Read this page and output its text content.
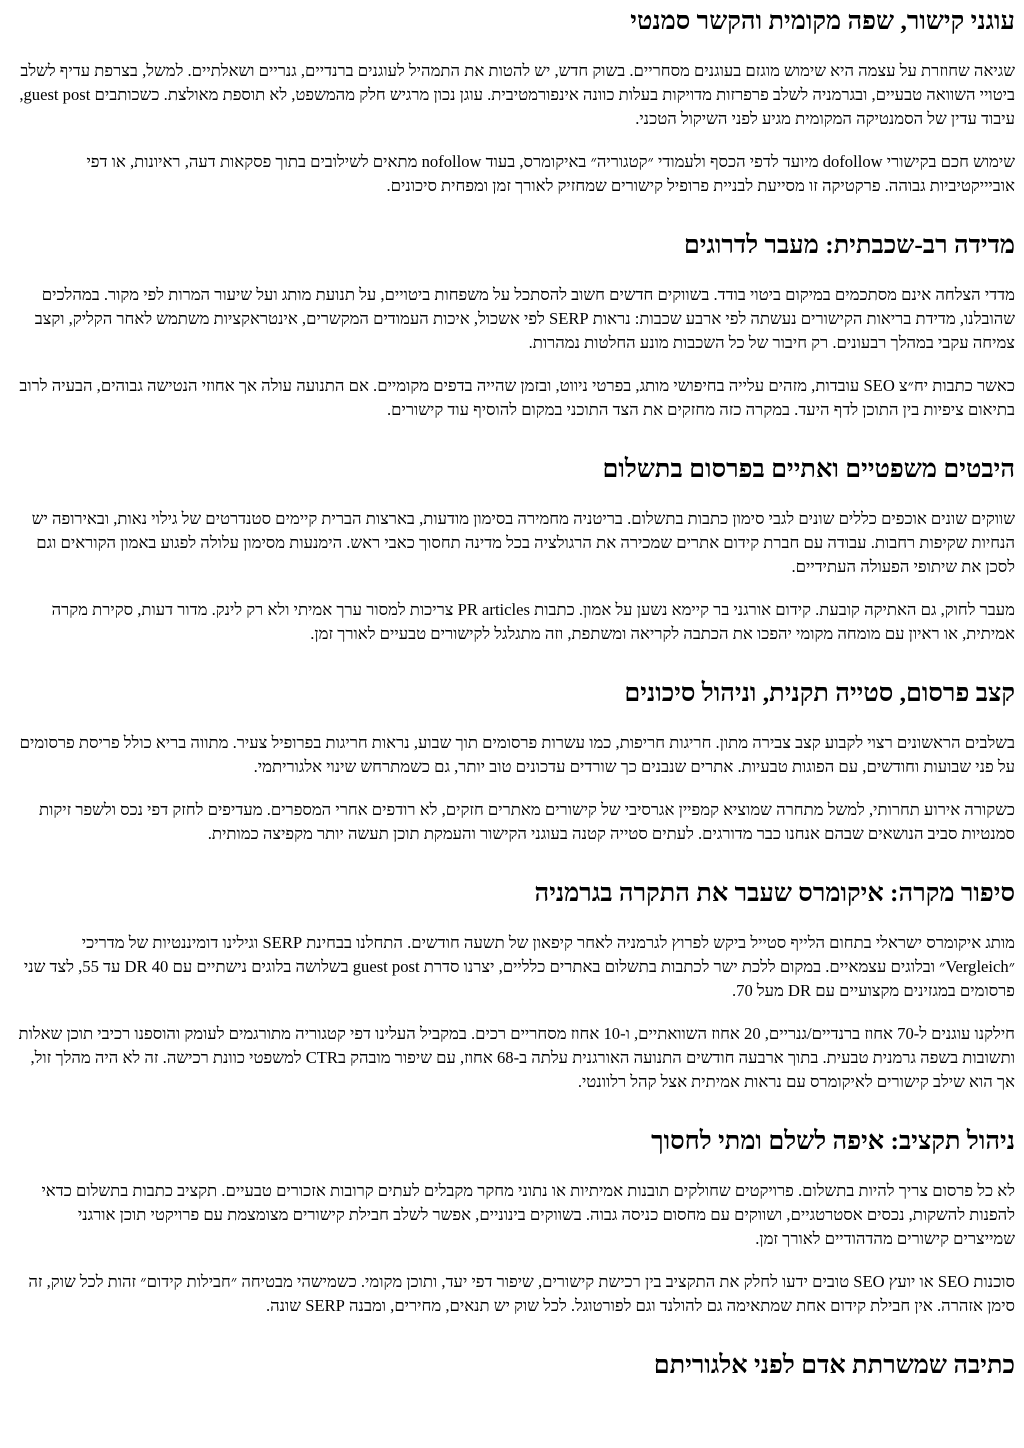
עוגני קישור, שפה מקומית והקשר סמנטי

שגיאה שחוזרת על עצמה היא שימוש מוגזם בעוגנים מסחריים. בשוק חדש, יש להטות את התמהיל לעוגנים ברנדיים, גנריים ושאלתיים. למשל, בצרפת עדיף לשלב ביטויי השוואה טבעיים, ובגרמניה לשלב פרפרזות מדויקות בעלות כוונה אינפורמטיבית. עוגן נכון מרגיש חלק מהמשפט, לא תוספת מאולצת. כשכותבים guest post, עיבוד עדין של הסמנטיקה המקומית מגיע לפני השיקול הטכני.

שימוש חכם בקישורי dofollow מיועד לדפי הכסף ולעמודי ״קטגוריה״ באיקומרס, בעוד nofollow מתאים לשילובים בתוך פסקאות דעה, ראיונות, או דפי אוביייקטיביות גבוהה. פרקטיקה זו מסייעת לבניית פרופיל קישורים שמחזיק לאורך זמן ומפחית סיכונים.

מדידה רב-שכבתית: מעבר לדרוגים

מדדי הצלחה אינם מסתכמים במיקום ביטוי בודד. בשווקים חדשים חשוב להסתכל על משפחות ביטויים, על תנועת מותג ועל שיעור המרות לפי מקור. במהלכים שהובלנו, מדידת בריאות הקישורים נעשתה לפי ארבע שכבות: נראות SERP לפי אשכול, איכות העמודים המקשרים, אינטראקציות משתמש לאחר הקליק, וקצב צמיחה עקבי במהלך רבעונים. רק חיבור של כל השכבות מונע החלטות נמהרות.

כאשר כתבות יח״צ SEO עובדות, מזהים עלייה בחיפושי מותג, בפרטי ניווט, ובזמן שהייה בדפים מקומיים. אם התנועה עולה אך אחוזי הנטישה גבוהים, הבעיה לרוב בתיאום ציפיות בין התוכן לדף היעד. במקרה כזה מחזקים את הצד התוכני במקום להוסיף עוד קישורים.

היבטים משפטיים ואתיים בפרסום בתשלום

שווקים שונים אוכפים כללים שונים לגבי סימון כתבות בתשלום. בריטניה מחמירה בסימון מודעות, בארצות הברית קיימים סטנדרטים של גילוי נאות, ובאירופה יש הנחיות שקיפות רחבות. עבודה עם חברת קידום אתרים שמכירה את הרגולציה בכל מדינה תחסוך כאבי ראש. הימנעות מסימון עלולה לפגוע באמון הקוראים וגם לסכן את שיתופי הפעולה העתידיים.

מעבר לחוק, גם האתיקה קובעת. קידום אורגני בר קיימא נשען על אמון. כתבות PR articles צריכות למסור ערך אמיתי ולא רק לינק. מדור דעות, סקירת מקרה אמיתית, או ראיון עם מומחה מקומי יהפכו את הכתבה לקריאה ומשתפת, וזה מתגלגל לקישורים טבעיים לאורך זמן.

קצב פרסום, סטייה תקנית, וניהול סיכונים

בשלבים הראשונים רצוי לקבוע קצב צבירה מתון. חריגות חריפות, כמו עשרות פרסומים תוך שבוע, נראות חריגות בפרופיל צעיר. מתווה בריא כולל פריסת פרסומים על פני שבועות וחודשים, עם הפוגות טבעיות. אתרים שנבנים כך שורדים עדכונים טוב יותר, גם כשמתרחש שינוי אלגוריתמי.

כשקורה אירוע תחרותי, למשל מתחרה שמוציא קמפיין אגרסיבי של קישורים מאתרים חזקים, לא רודפים אחרי המספרים. מעדיפים לחזק דפי נכס ולשפר זיקות סמנטיות סביב הנושאים שבהם אנחנו כבר מדורגים. לעתים סטייה קטנה בעוגני הקישור והעמקת תוכן תעשה יותר מקפיצה כמותית.

סיפור מקרה: איקומרס שעבר את התקרה בגרמניה

מותג איקומרס ישראלי בתחום הלייף סטייל ביקש לפרוץ לגרמניה לאחר קיפאון של תשעה חודשים. התחלנו בבחינת SERP וגילינו דומיננטיות של מדריכי ״Vergleich״ ובלוגים עצמאיים. במקום ללכת ישר לכתבות בתשלום באתרים כלליים, יצרנו סדרת guest post בשלושה בלוגים נישתיים עם DR 40 עד 55, לצד שני פרסומים במגזינים מקצועיים עם DR מעל 70.

חילקנו עוגנים ל-70 אחוז ברנדיים/גנריים, 20 אחוז השוואתיים, ו-10 אחוז מסחריים רכים. במקביל העלינו דפי קטגוריה מתורגמים לעומק והוספנו רכיבי תוכן שאלות ותשובות בשפה גרמנית טבעית. בתוך ארבעה חודשים התנועה האורגנית עלתה ב-68 אחוז, עם שיפור מובהק בCTR למשפטי כוונת רכישה. זה לא היה מהלך זול, אך הוא שילב קישורים לאיקומרס עם נראות אמיתית אצל קהל רלוונטי.

ניהול תקציב: איפה לשלם ומתי לחסוך

לא כל פרסום צריך להיות בתשלום. פרויקטים שחולקים תובנות אמיתיות או נתוני מחקר מקבלים לעתים קרובות אזכורים טבעיים. תקציב כתבות בתשלום כדאי להפנות להשקות, נכסים אסטרטגיים, ושווקים עם מחסום כניסה גבוה. בשווקים בינוניים, אפשר לשלב חבילת קישורים מצומצמת עם פרויקטי תוכן אורגני שמייצרים קישורים מהדהודיים לאורך זמן.

סוכנות SEO או יועץ SEO טובים ידעו לחלק את התקציב בין רכישת קישורים, שיפור דפי יעד, ותוכן מקומי. כשמישהי מבטיחה ״חבילות קידום״ זהות לכל שוק, זה סימן אזהרה. אין חבילת קידום אחת שמתאימה גם להולנד וגם לפורטוגל. לכל שוק יש תנאים, מחירים, ומבנה SERP שונה.

כתיבה שמשרתת אדם לפני אלגוריתם
